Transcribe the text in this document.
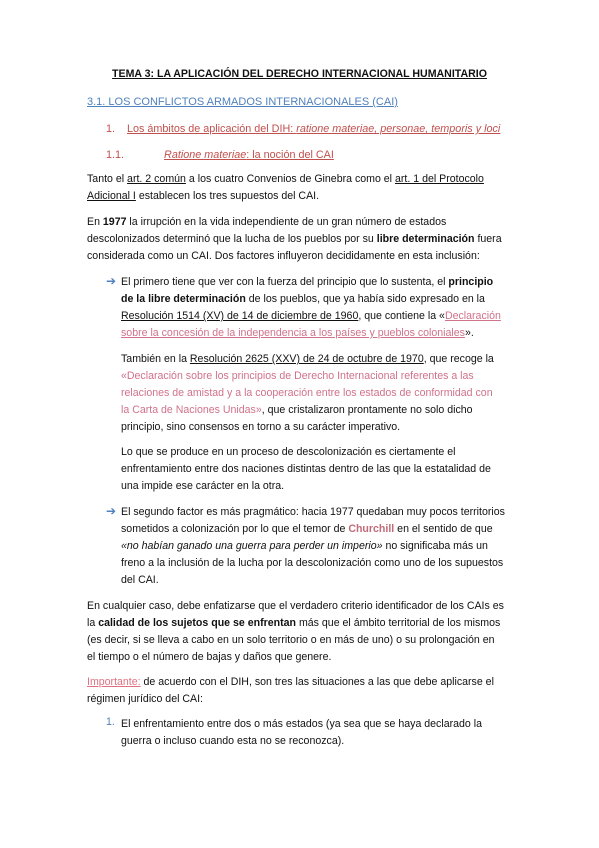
TEMA 3: LA APLICACIÓN DEL DERECHO INTERNACIONAL HUMANITARIO
3.1. LOS CONFLICTOS ARMADOS INTERNACIONALES (CAI)
1. Los ámbitos de aplicación del DIH: ratione materiae, personae, temporis y loci
1.1.	Ratione materiae: la noción del CAI
Tanto el art. 2 común a los cuatro Convenios de Ginebra como el art. 1 del Protocolo
Adicional I establecen los tres supuestos del CAI.
En 1977 la irrupción en la vida independiente de un gran número de estados
descolonizados determinó que la lucha de los pueblos por su libre determinación fuera
considerada como un CAI. Dos factores influyeron decididamente en esta inclusión:
➔ El primero tiene que ver con la fuerza del principio que lo sustenta, el principio
de la libre determinación de los pueblos, que ya había sido expresado en la
Resolución 1514 (XV) de 14 de diciembre de 1960, que contiene la «Declaración
sobre la concesión de la independencia a los países y pueblos coloniales».
También en la Resolución 2625 (XXV) de 24 de octubre de 1970, que recoge la
«Declaración sobre los principios de Derecho Internacional referentes a las
relaciones de amistad y a la cooperación entre los estados de conformidad con
la Carta de Naciones Unidas», que cristalizaron prontamente no solo dicho
principio, sino consensos en torno a su carácter imperativo.
Lo que se produce en un proceso de descolonización es ciertamente el
enfrentamiento entre dos naciones distintas dentro de las que la estatalidad de
una impide ese carácter en la otra.
➔ El segundo factor es más pragmático: hacia 1977 quedaban muy pocos territorios
sometidos a colonización por lo que el temor de Churchill en el sentido de que
«no habían ganado una guerra para perder un imperio» no significaba más un
freno a la inclusión de la lucha por la descolonización como uno de los supuestos
del CAI.
En cualquier caso, debe enfatizarse que el verdadero criterio identificador de los CAIs es
la calidad de los sujetos que se enfrentan más que el ámbito territorial de los mismos
(es decir, si se lleva a cabo en un solo territorio o en más de uno) o su prolongación en
el tiempo o el número de bajas y daños que genere.
Importante: de acuerdo con el DIH, son tres las situaciones a las que debe aplicarse el
régimen jurídico del CAI:
1. El enfrentamiento entre dos o más estados (ya sea que se haya declarado la
guerra o incluso cuando esta no se reconozca).
